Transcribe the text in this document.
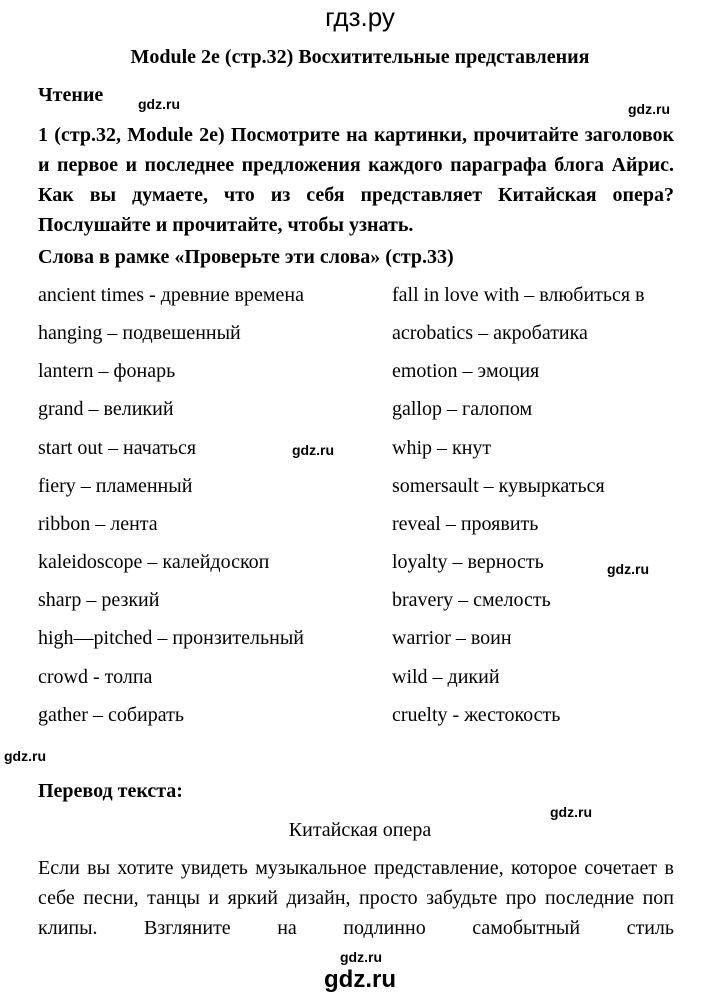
гдз.ру
Module 2e (стр.32) Восхитительные представления
Чтение gdz.ru	gdz.ru
1 (стр.32, Module 2e) Посмотрите на картинки, прочитайте заголовок и первое и последнее предложения каждого параграфа блога Айрис. Как вы думаете, что из себя представляет Китайская опера? Послушайте и прочитайте, чтобы узнать.
Слова в рамке «Проверьте эти слова» (стр.33)
ancient times - древние времена	fall in love with – влюбиться в
hanging – подвешенный	acrobatics – акробатика
lantern – фонарь	emotion – эмоция
grand – великий	gallop – галопом
start out – начаться	whip – кнут
fiery – пламенный	somersault – кувыркаться
ribbon – лента	reveal – проявить
kaleidoscope – калейдоскоп	loyalty – верность
sharp – резкий	bravery – смелость
high—pitched – пронзительный	warrior – воин
crowd - толпа	wild – дикий
gather – собирать	cruelty - жестокость
gdz.ru
gdz.ru
gdz.ru
Перевод текста:
gdz.ru
Китайская опера
Если вы хотите увидеть музыкальное представление, которое сочетает в себе песни, танцы и яркий дизайн, просто забудьте про последние поп клипы. Взгляните на подлинно самобытный стиль
gdz.ru
gdz.ru
